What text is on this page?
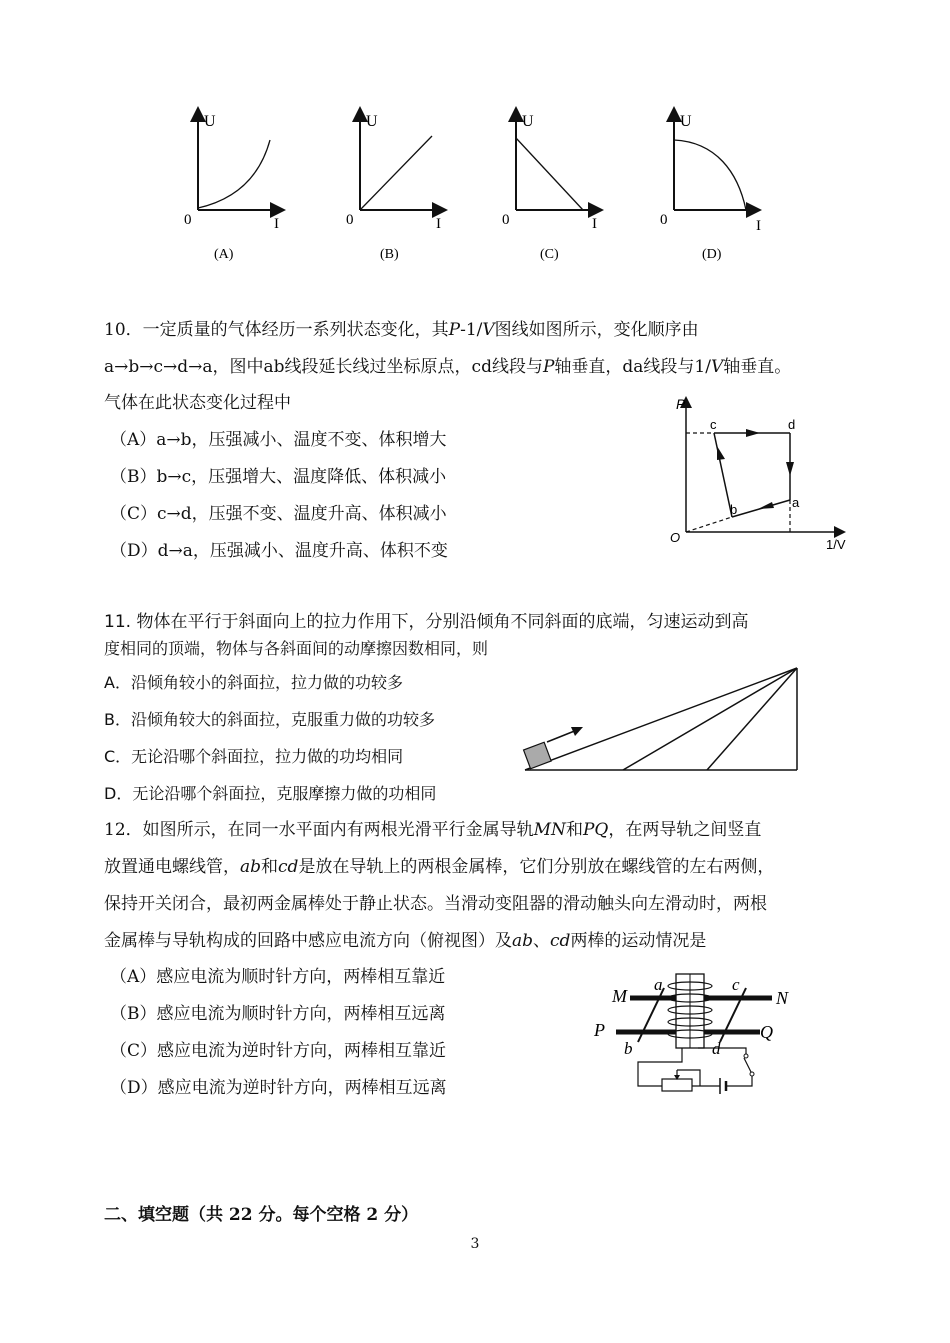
U
0	I
(A)
U
0	I
(B)
U
0	I
(C)
U
0	I
(D)
10．一定质量的气体经历一系列状态变化，其P-1/V图线如图所示，变化顺序由
a→b→c→d→a，图中ab线段延长线过坐标原点，cd线段与P轴垂直，da线段与1/V轴垂直。
气体在此状态变化过程中
（A）a→b，压强减小、温度不变、体积增大
（B）b→c，压强增大、温度降低、体积减小
（C）c→d，压强不变、温度升高、体积减小
（D）d→a，压强减小、温度升高、体积不变
P
O	1/V
c	d
a
b
11. 物体在平行于斜面向上的拉力作用下，分别沿倾角不同斜面的底端，匀速运动到高
度相同的顶端，物体与各斜面间的动摩擦因数相同，则
A．沿倾角较小的斜面拉，拉力做的功较多
B．沿倾角较大的斜面拉，克服重力做的功较多
C．无论沿哪个斜面拉，拉力做的功均相同
D．无论沿哪个斜面拉，克服摩擦力做的功相同
12．如图所示，在同一水平面内有两根光滑平行金属导轨MN和PQ，在两导轨之间竖直
放置通电螺线管，ab和cd是放在导轨上的两根金属棒，它们分别放在螺线管的左右两侧，
保持开关闭合，最初两金属棒处于静止状态。当滑动变阻器的滑动触头向左滑动时，两根
金属棒与导轨构成的回路中感应电流方向（俯视图）及ab、cd两棒的运动情况是
（A）感应电流为顺时针方向，两棒相互靠近
（B）感应电流为顺时针方向，两棒相互远离
（C）感应电流为逆时针方向，两棒相互靠近
（D）感应电流为逆时针方向，两棒相互远离
M	N
P	Q
a
b
c
d
二、填空题（共 22 分。每个空格 2 分）
3
